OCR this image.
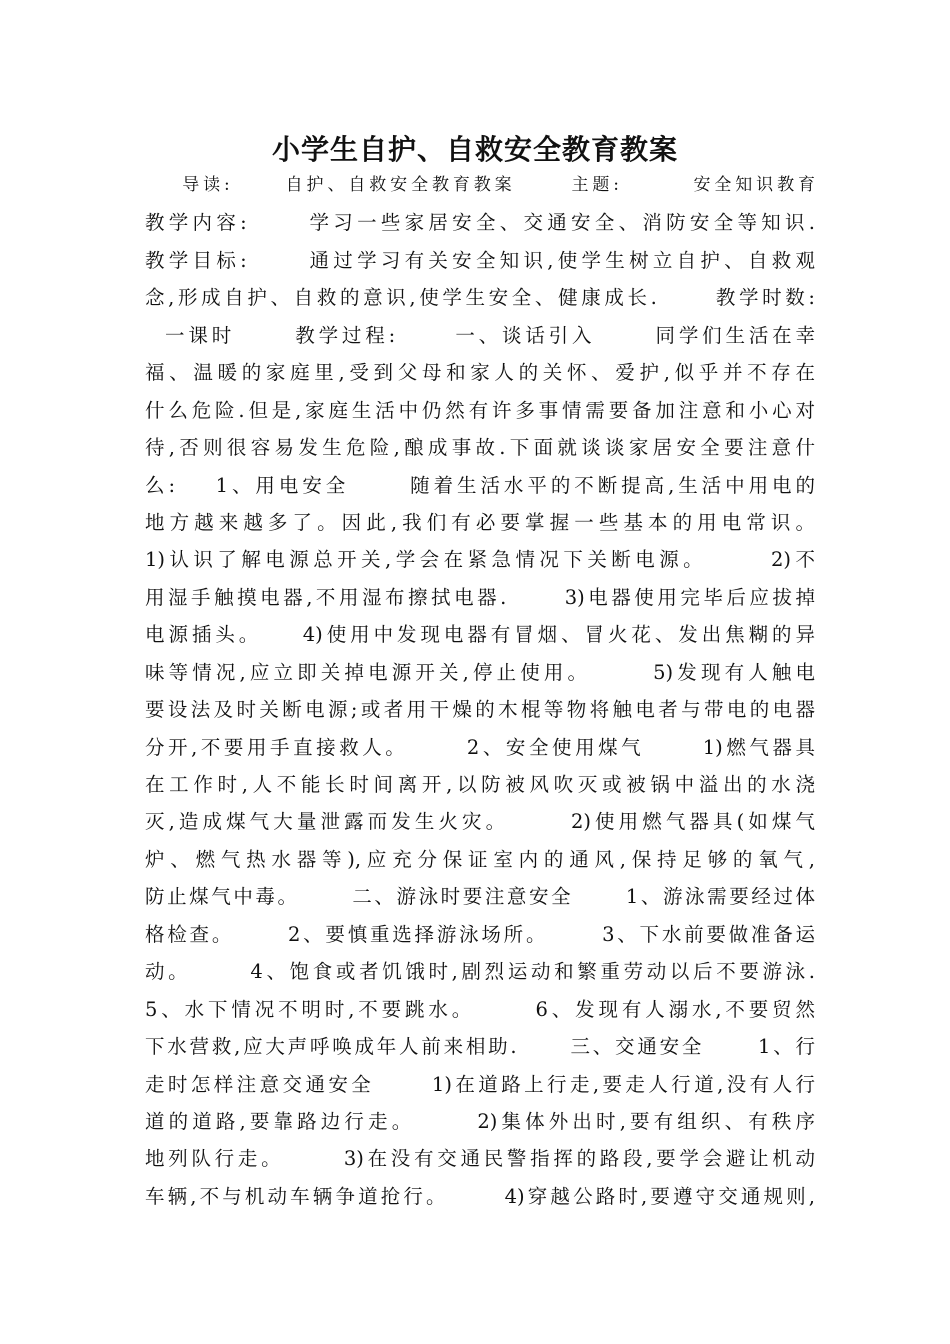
小学生自护、自救安全教育教案
导读:      自护、自救安全教育教案      主题:        安全知识教育
教学内容:      学习一些家居安全、交通安全、消防安全等知识.
教学目标:      通过学习有关安全知识,使学生树立自护、自救观
念,形成自护、自救的意识,使学生安全、健康成长.      教学时数:
一课时      教学过程:      一、谈话引入      同学们生活在幸
福、温暖的家庭里,受到父母和家人的关怀、爱护,似乎并不存在
什么危险.但是,家庭生活中仍然有许多事情需要备加注意和小心对
待,否则很容易发生危险,酿成事故.下面就谈谈家居安全要注意什
么:    1、用电安全      随着生活水平的不断提高,生活中用电的
地方越来越多了。因此,我们有必要掌握一些基本的用电常识。
1)认识了解电源总开关,学会在紧急情况下关断电源。      2)不
用湿手触摸电器,不用湿布擦拭电器.      3)电器使用完毕后应拔掉
电源插头。    4)使用中发现电器有冒烟、冒火花、发出焦糊的异
味等情况,应立即关掉电源开关,停止使用。      5)发现有人触电
要设法及时关断电源;或者用干燥的木棍等物将触电者与带电的电器
分开,不要用手直接救人。      2、安全使用煤气      1)燃气器具
在工作时,人不能长时间离开,以防被风吹灭或被锅中溢出的水浇
灭,造成煤气大量泄露而发生火灾。      2)使用燃气器具(如煤气
炉、燃气热水器等),应充分保证室内的通风,保持足够的氧气,
防止煤气中毒。      二、游泳时要注意安全      1、游泳需要经过体
格检查。      2、要慎重选择游泳场所。      3、下水前要做准备运
动。      4、饱食或者饥饿时,剧烈运动和繁重劳动以后不要游泳.
5、水下情况不明时,不要跳水。      6、发现有人溺水,不要贸然
下水营救,应大声呼唤成年人前来相助.      三、交通安全      1、行
走时怎样注意交通安全      1)在道路上行走,要走人行道,没有人行
道的道路,要靠路边行走。      2)集体外出时,要有组织、有秩序
地列队行走。      3)在没有交通民警指挥的路段,要学会避让机动
车辆,不与机动车辆争道抢行。      4)穿越公路时,要遵守交通规则,
